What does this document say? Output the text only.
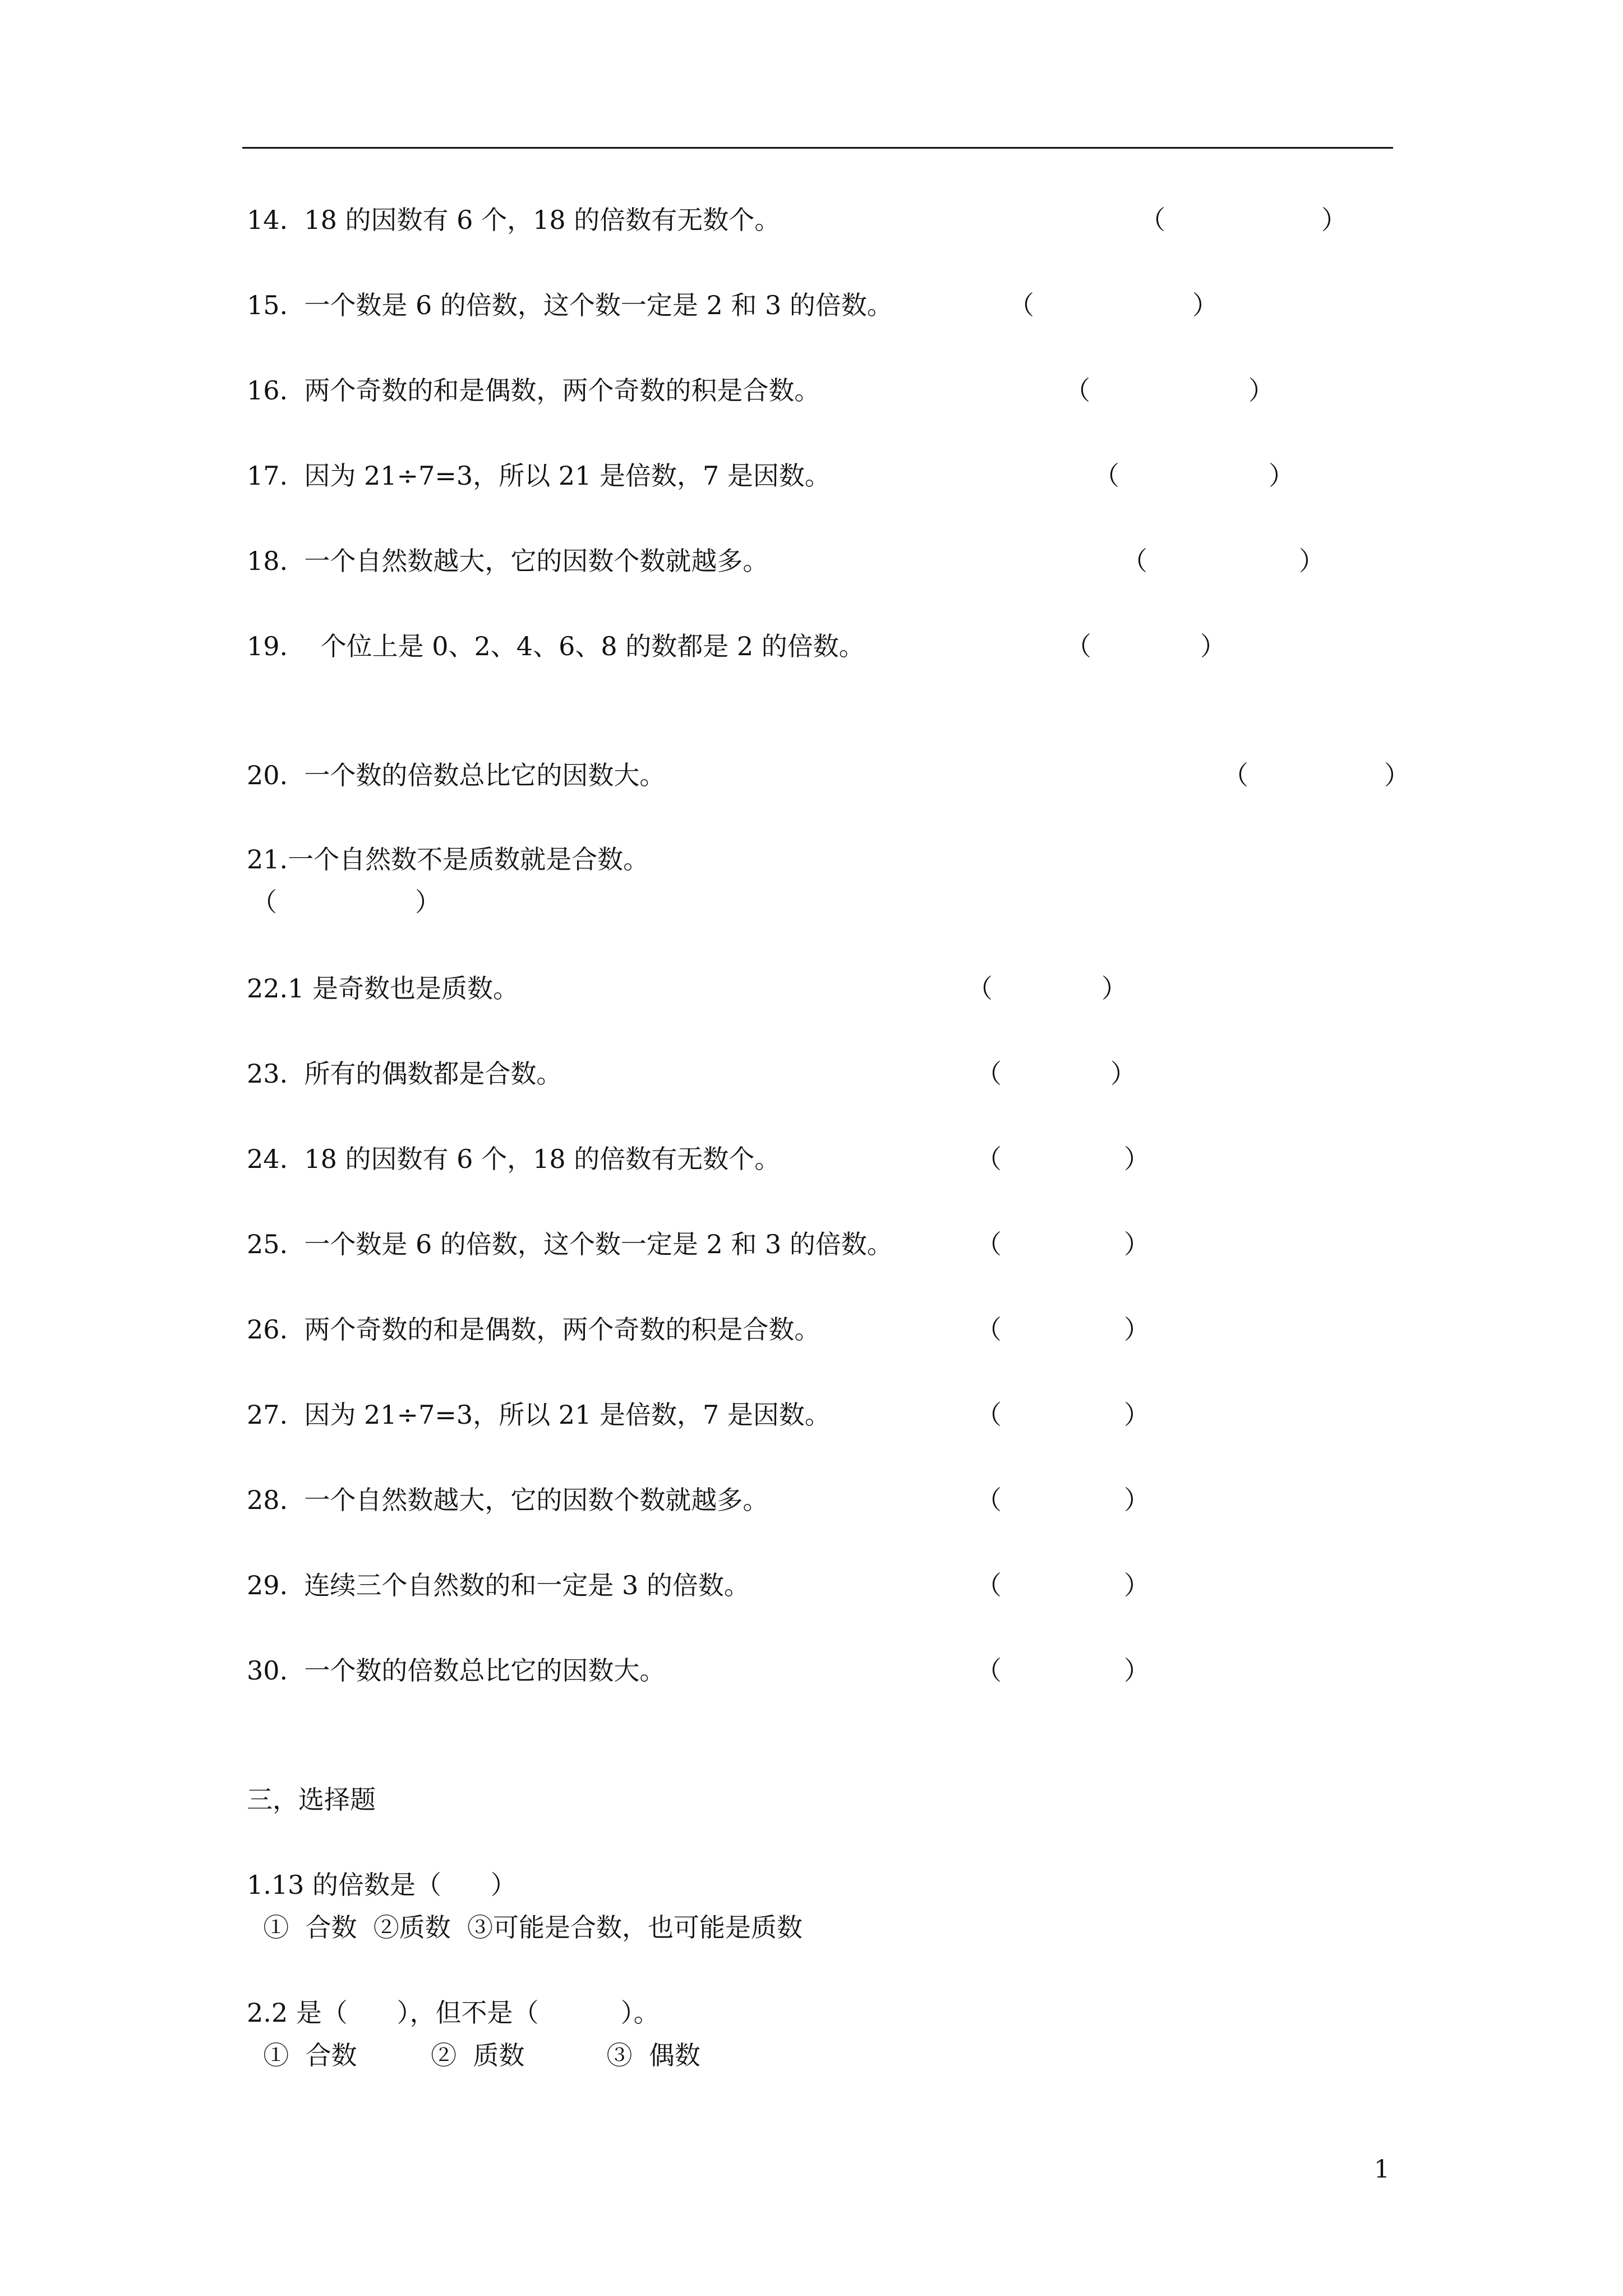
14.  18 的因数有 6 个，18 的倍数有无数个。	（	）
15.  一个数是 6 的倍数，这个数一定是 2 和 3 的倍数。	（	）
16.  两个奇数的和是偶数，两个奇数的积是合数。	（	）
17.  因为 21÷7=3，所以 21 是倍数，7 是因数。	（	）
18.  一个自然数越大，它的因数个数就越多。	（	）
19.    个位上是 0、2、4、6、8 的数都是 2 的倍数。	（	）
20.  一个数的倍数总比它的因数大。	（	）
21.一个自然数不是质数就是合数。
（	）
22.1 是奇数也是质数。	（	）
23.  所有的偶数都是合数。	（	）
24.  18 的因数有 6 个，18 的倍数有无数个。	（	）
25.  一个数是 6 的倍数，这个数一定是 2 和 3 的倍数。	（	）
26.  两个奇数的和是偶数，两个奇数的积是合数。	（	）
27.  因为 21÷7=3，所以 21 是倍数，7 是因数。	（	）
28.  一个自然数越大，它的因数个数就越多。	（	）
29.  连续三个自然数的和一定是 3 的倍数。	（	）
30.  一个数的倍数总比它的因数大。	（	）
三，选择题
1.13 的倍数是（      ）
①  合数  ②质数  ③可能是合数，也可能是质数
2.2 是（      ），但不是（          ）。
①  合数         ②  质数          ③  偶数
1
